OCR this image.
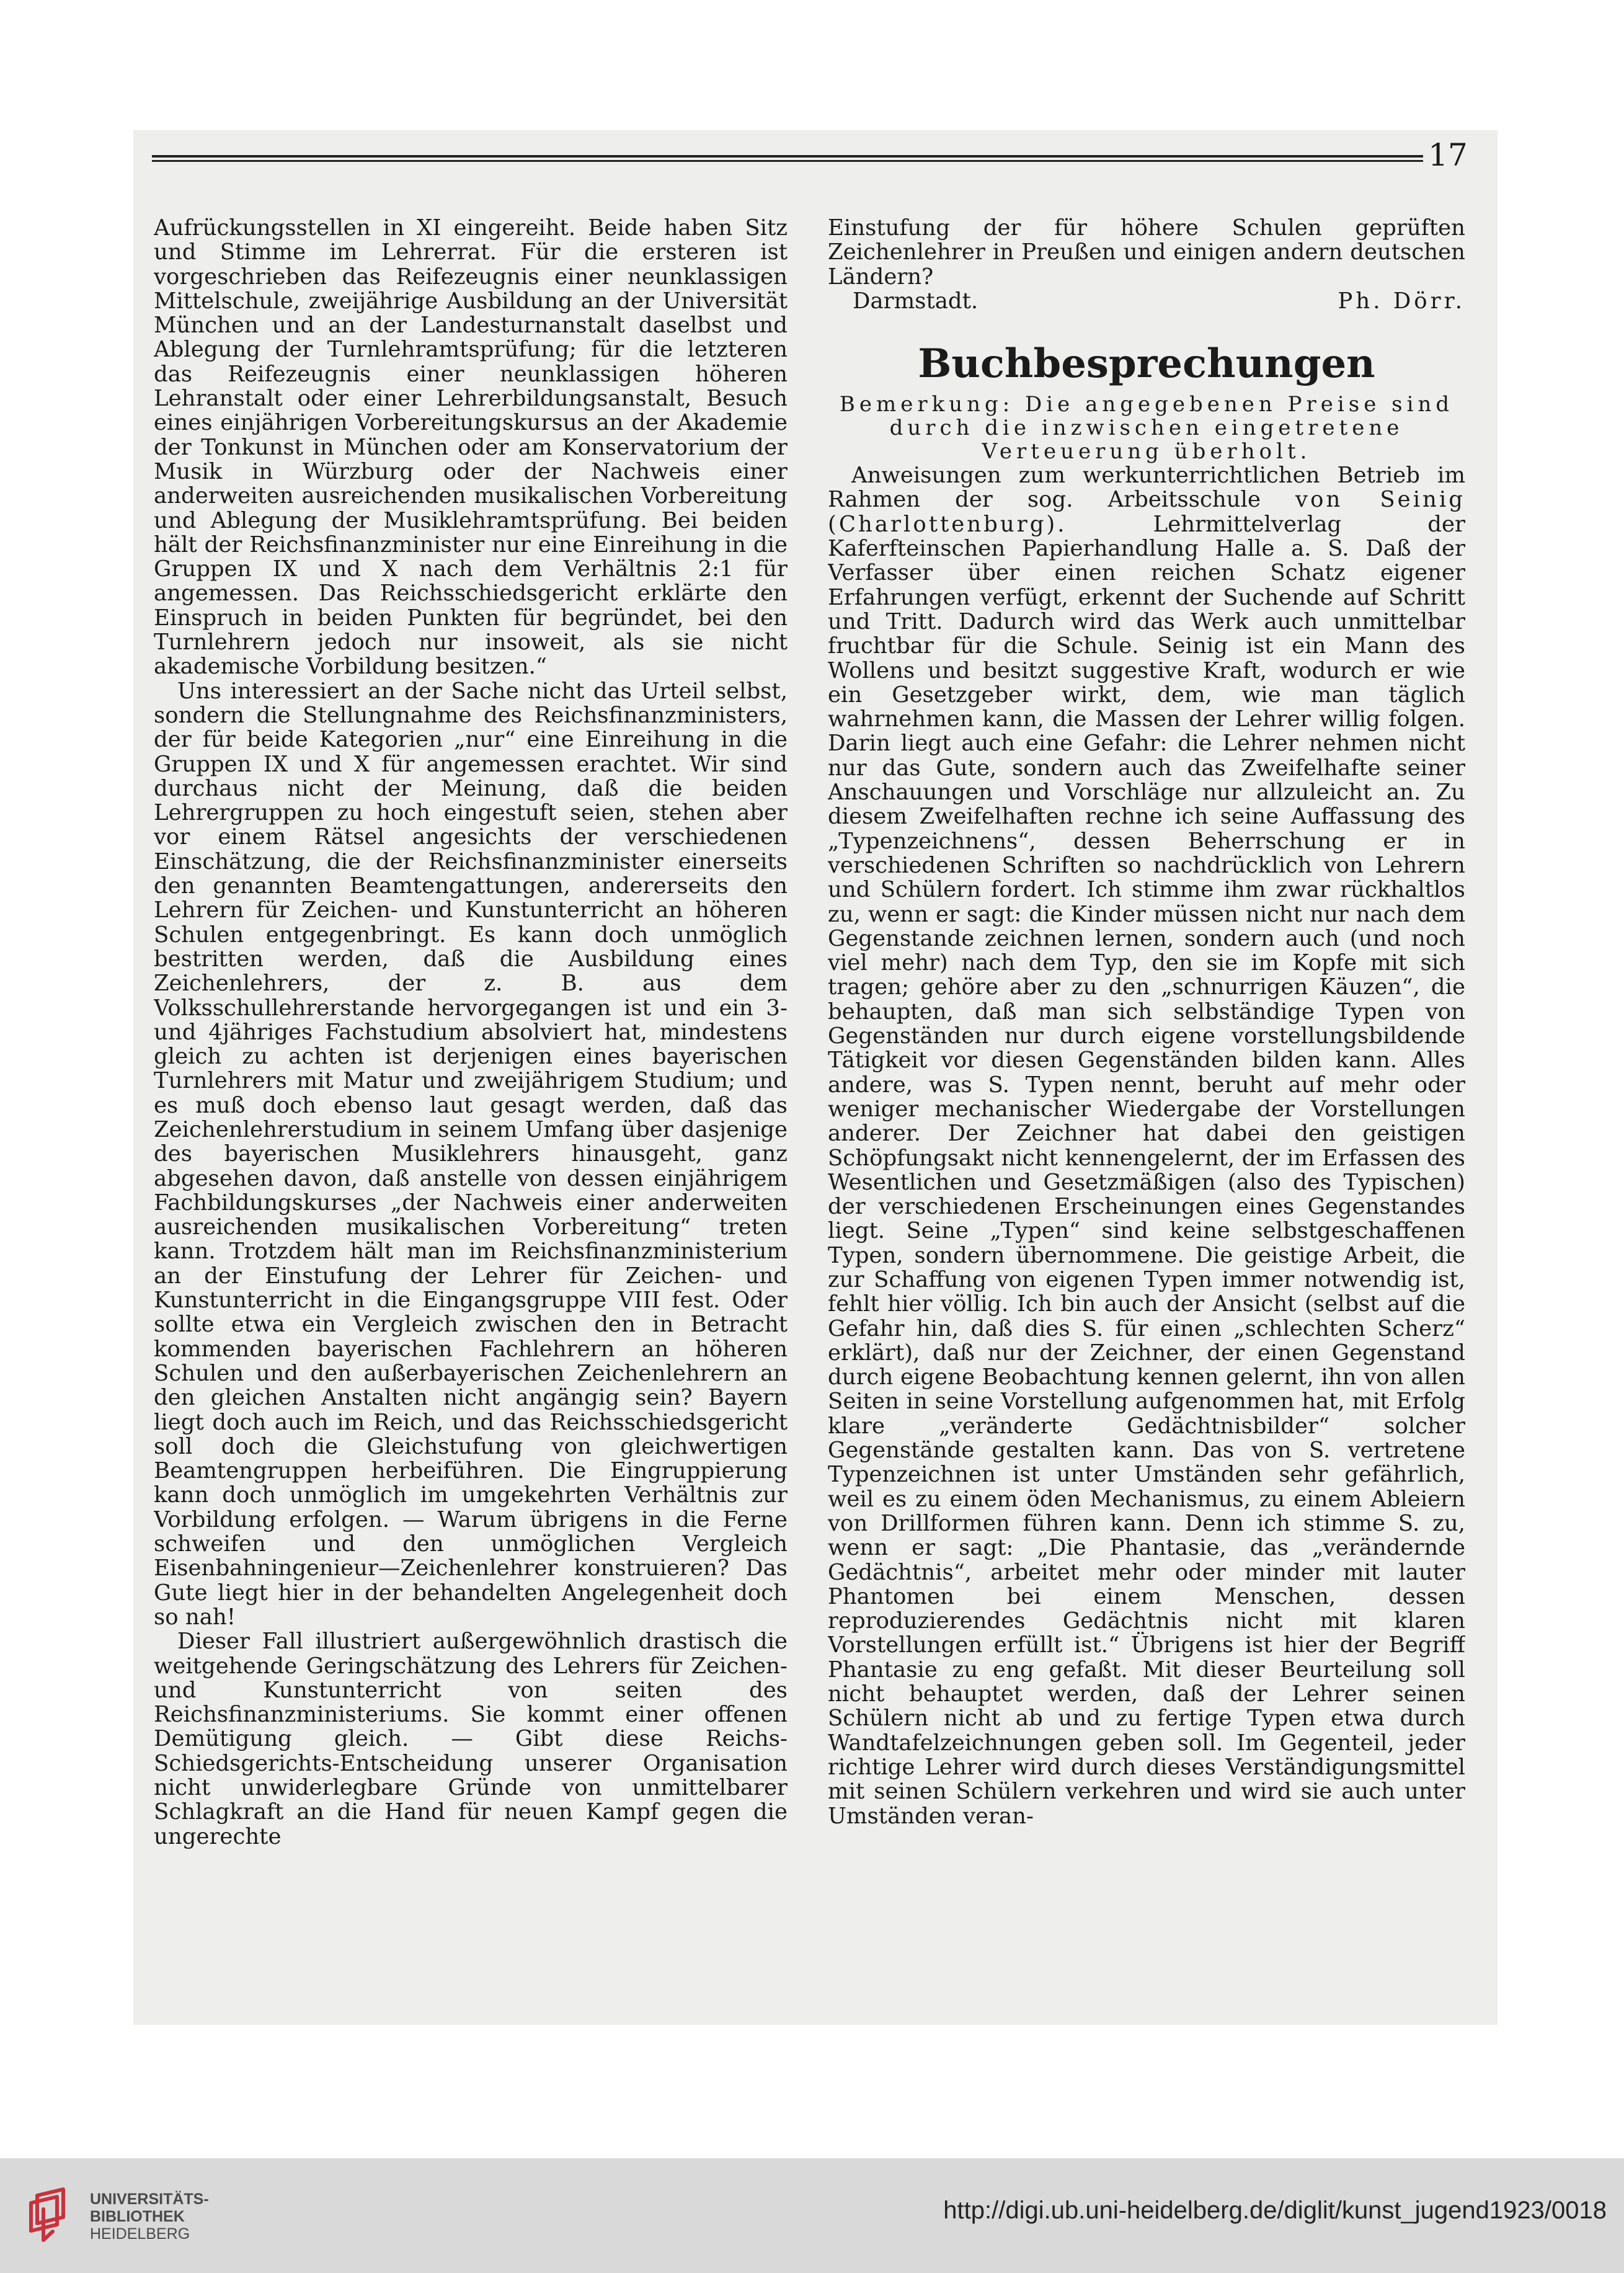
17

Aufrückungsstellen in XI eingereiht. Beide haben Sitz und Stimme im Lehrerrat. Für die ersteren ist vorgeschrieben das Reifezeugnis einer neunklassigen Mittelschule, zweijährige Ausbildung an der Universität München und an der Landesturnanstalt daselbst und Ablegung der Turnlehramtsprüfung; für die letzteren das Reifezeugnis einer neunklassigen höheren Lehranstalt oder einer Lehrerbildungsanstalt, Besuch eines einjährigen Vorbereitungskursus an der Akademie der Tonkunst in München oder am Konservatorium der Musik in Würzburg oder der Nachweis einer anderweiten ausreichenden musikalischen Vorbereitung und Ablegung der Musiklehramtsprüfung. Bei beiden hält der Reichsfinanzminister nur eine Einreihung in die Gruppen IX und X nach dem Verhältnis 2:1 für angemessen. Das Reichsschiedsgericht erklärte den Einspruch in beiden Punkten für begründet, bei den Turnlehrern jedoch nur insoweit, als sie nicht akademische Vorbildung besitzen.“

Uns interessiert an der Sache nicht das Urteil selbst, sondern die Stellungnahme des Reichsfinanzministers, der für beide Kategorien „nur“ eine Einreihung in die Gruppen IX und X für angemessen erachtet. Wir sind durchaus nicht der Meinung, daß die beiden Lehrergruppen zu hoch eingestuft seien, stehen aber vor einem Rätsel angesichts der verschiedenen Einschätzung, die der Reichsfinanzminister einerseits den genannten Beamtengattungen, andererseits den Lehrern für Zeichen- und Kunstunterricht an höheren Schulen entgegenbringt. Es kann doch unmöglich bestritten werden, daß die Ausbildung eines Zeichenlehrers, der z. B. aus dem Volksschullehrerstande hervorgegangen ist und ein 3- und 4jähriges Fachstudium absolviert hat, mindestens gleich zu achten ist derjenigen eines bayerischen Turnlehrers mit Matur und zweijährigem Studium; und es muß doch ebenso laut gesagt werden, daß das Zeichenlehrerstudium in seinem Umfang über dasjenige des bayerischen Musiklehrers hinausgeht, ganz abgesehen davon, daß anstelle von dessen einjährigem Fachbildungskurses „der Nachweis einer anderweiten ausreichenden musikalischen Vorbereitung“ treten kann. Trotzdem hält man im Reichsfinanzministerium an der Einstufung der Lehrer für Zeichen- und Kunstunterricht in die Eingangsgruppe VIII fest. Oder sollte etwa ein Vergleich zwischen den in Betracht kommenden bayerischen Fachlehrern an höheren Schulen und den außerbayerischen Zeichenlehrern an den gleichen Anstalten nicht angängig sein? Bayern liegt doch auch im Reich, und das Reichsschiedsgericht soll doch die Gleichstufung von gleichwertigen Beamtengruppen herbeiführen. Die Eingruppierung kann doch unmöglich im umgekehrten Verhältnis zur Vorbildung erfolgen. — Warum übrigens in die Ferne schweifen und den unmöglichen Vergleich Eisenbahningenieur—Zeichenlehrer konstruieren? Das Gute liegt hier in der behandelten Angelegenheit doch so nah!

Dieser Fall illustriert außergewöhnlich drastisch die weitgehende Geringschätzung des Lehrers für Zeichen- und Kunstunterricht von seiten des Reichsfinanzministeriums. Sie kommt einer offenen Demütigung gleich. — Gibt diese Reichs-Schiedsgerichts-Entscheidung unserer Organisation nicht unwiderlegbare Gründe von unmittelbarer Schlagkraft an die Hand für neuen Kampf gegen die ungerechte

Einstufung der für höhere Schulen geprüften Zeichenlehrer in Preußen und einigen andern deutschen Ländern?

Darmstadt.	Ph. Dörr.
Buchbesprechungen

Bemerkung: Die angegebenen Preise sind durch die inzwischen eingetretene Verteuerung überholt.

Anweisungen zum werkunterrichtlichen Betrieb im Rahmen der sog. Arbeitsschule von Seinig (Charlottenburg). Lehrmittelverlag der Kaferfteinschen Papierhandlung Halle a. S. Daß der Verfasser über einen reichen Schatz eigener Erfahrungen verfügt, erkennt der Suchende auf Schritt und Tritt. Dadurch wird das Werk auch unmittelbar fruchtbar für die Schule. Seinig ist ein Mann des Wollens und besitzt suggestive Kraft, wodurch er wie ein Gesetzgeber wirkt, dem, wie man täglich wahrnehmen kann, die Massen der Lehrer willig folgen. Darin liegt auch eine Gefahr: die Lehrer nehmen nicht nur das Gute, sondern auch das Zweifelhafte seiner Anschauungen und Vorschläge nur allzuleicht an. Zu diesem Zweifelhaften rechne ich seine Auffassung des „Typenzeichnens“, dessen Beherrschung er in verschiedenen Schriften so nachdrücklich von Lehrern und Schülern fordert. Ich stimme ihm zwar rückhaltlos zu, wenn er sagt: die Kinder müssen nicht nur nach dem Gegenstande zeichnen lernen, sondern auch (und noch viel mehr) nach dem Typ, den sie im Kopfe mit sich tragen; gehöre aber zu den „schnurrigen Käuzen“, die behaupten, daß man sich selbständige Typen von Gegenständen nur durch eigene vorstellungsbildende Tätigkeit vor diesen Gegenständen bilden kann. Alles andere, was S. Typen nennt, beruht auf mehr oder weniger mechanischer Wiedergabe der Vorstellungen anderer. Der Zeichner hat dabei den geistigen Schöpfungsakt nicht kennengelernt, der im Erfassen des Wesentlichen und Gesetzmäßigen (also des Typischen) der verschiedenen Erscheinungen eines Gegenstandes liegt. Seine „Typen“ sind keine selbstgeschaffenen Typen, sondern übernommene. Die geistige Arbeit, die zur Schaffung von eigenen Typen immer notwendig ist, fehlt hier völlig. Ich bin auch der Ansicht (selbst auf die Gefahr hin, daß dies S. für einen „schlechten Scherz“ erklärt), daß nur der Zeichner, der einen Gegenstand durch eigene Beobachtung kennen gelernt, ihn von allen Seiten in seine Vorstellung aufgenommen hat, mit Erfolg klare „veränderte Gedächtnisbilder“ solcher Gegenstände gestalten kann. Das von S. vertretene Typenzeichnen ist unter Umständen sehr gefährlich, weil es zu einem öden Mechanismus, zu einem Ableiern von Drillformen führen kann. Denn ich stimme S. zu, wenn er sagt: „Die Phantasie, das „verändernde Gedächtnis“, arbeitet mehr oder minder mit lauter Phantomen bei einem Menschen, dessen reproduzierendes Gedächtnis nicht mit klaren Vorstellungen erfüllt ist.“ Übrigens ist hier der Begriff Phantasie zu eng gefaßt. Mit dieser Beurteilung soll nicht behauptet werden, daß der Lehrer seinen Schülern nicht ab und zu fertige Typen etwa durch Wandtafelzeichnungen geben soll. Im Gegenteil, jeder richtige Lehrer wird durch dieses Verständigungsmittel mit seinen Schülern verkehren und wird sie auch unter Umständen veran-

UNIVERSITÄTS-
BIBLIOTHEK
HEIDELBERG
http://digi.ub.uni-heidelberg.de/diglit/kunst_jugend1923/0018
